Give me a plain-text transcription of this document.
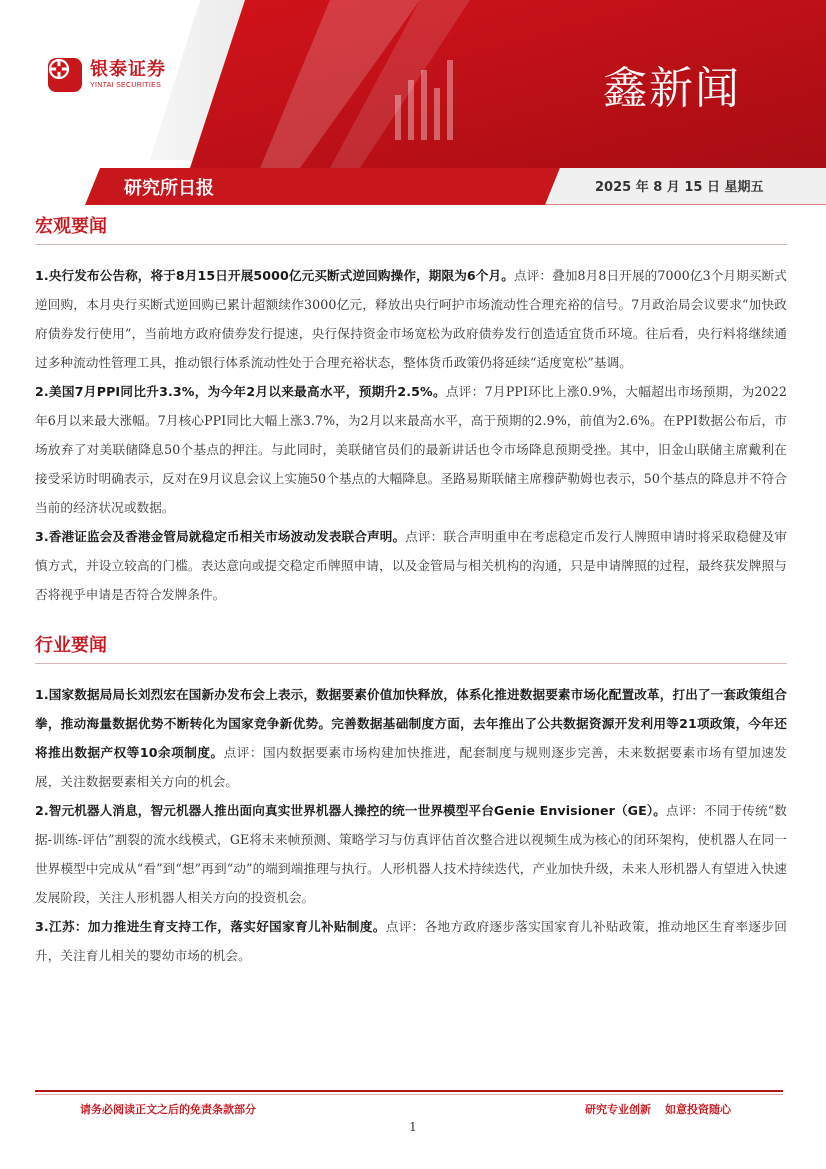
银泰证券
YINTAI SECURITIES	鑫新闻
研究所日报	2025 年 8 月 15 日 星期五
宏观要闻

1.央行发布公告称，将于8月15日开展5000亿元买断式逆回购操作，期限为6个月。点评：叠加8月8日开展的7000亿3个月期买断式逆回购，本月央行买断式逆回购已累计超额续作3000亿元，释放出央行呵护市场流动性合理充裕的信号。7月政治局会议要求“加快政府债券发行使用”，当前地方政府债券发行提速，央行保持资金市场宽松为政府债券发行创造适宜货币环境。往后看，央行料将继续通过多种流动性管理工具，推动银行体系流动性处于合理充裕状态，整体货币政策仍将延续“适度宽松”基调。

2.美国7月PPI同比升3.3%，为今年2月以来最高水平，预期升2.5%。点评：7月PPI环比上涨0.9%，大幅超出市场预期，为2022年6月以来最大涨幅。7月核心PPI同比大幅上涨3.7%，为2月以来最高水平，高于预期的2.9%，前值为2.6%。在PPI数据公布后，市场放弃了对美联储降息50个基点的押注。与此同时，美联储官员们的最新讲话也令市场降息预期受挫。其中，旧金山联储主席戴利在接受采访时明确表示，反对在9月议息会议上实施50个基点的大幅降息。圣路易斯联储主席穆萨勒姆也表示，50个基点的降息并不符合当前的经济状况或数据。

3.香港证监会及香港金管局就稳定币相关市场波动发表联合声明。点评：联合声明重申在考虑稳定币发行人牌照申请时将采取稳健及审慎方式，并设立较高的门槛。表达意向或提交稳定币牌照申请，以及金管局与相关机构的沟通，只是申请牌照的过程，最终获发牌照与否将视乎申请是否符合发牌条件。

行业要闻

1.国家数据局局长刘烈宏在国新办发布会上表示，数据要素价值加快释放，体系化推进数据要素市场化配置改革，打出了一套政策组合拳，推动海量数据优势不断转化为国家竞争新优势。完善数据基础制度方面，去年推出了公共数据资源开发利用等21项政策，今年还将推出数据产权等10余项制度。点评：国内数据要素市场构建加快推进，配套制度与规则逐步完善，未来数据要素市场有望加速发展，关注数据要素相关方向的机会。

2.智元机器人消息，智元机器人推出面向真实世界机器人操控的统一世界模型平台Genie Envisioner（GE）。点评：不同于传统“数据-训练-评估”割裂的流水线模式，GE将未来帧预测、策略学习与仿真评估首次整合进以视频生成为核心的闭环架构，使机器人在同一世界模型中完成从“看”到“想”再到“动”的端到端推理与执行。人形机器人技术持续迭代，产业加快升级，未来人形机器人有望进入快速发展阶段，关注人形机器人相关方向的投资机会。

3.江苏：加力推进生育支持工作，落实好国家育儿补贴制度。点评：各地方政府逐步落实国家育儿补贴政策，推动地区生育率逐步回升，关注育儿相关的婴幼市场的机会。

请务必阅读正文之后的免责条款部分	研究专业创新 如意投资随心
1
